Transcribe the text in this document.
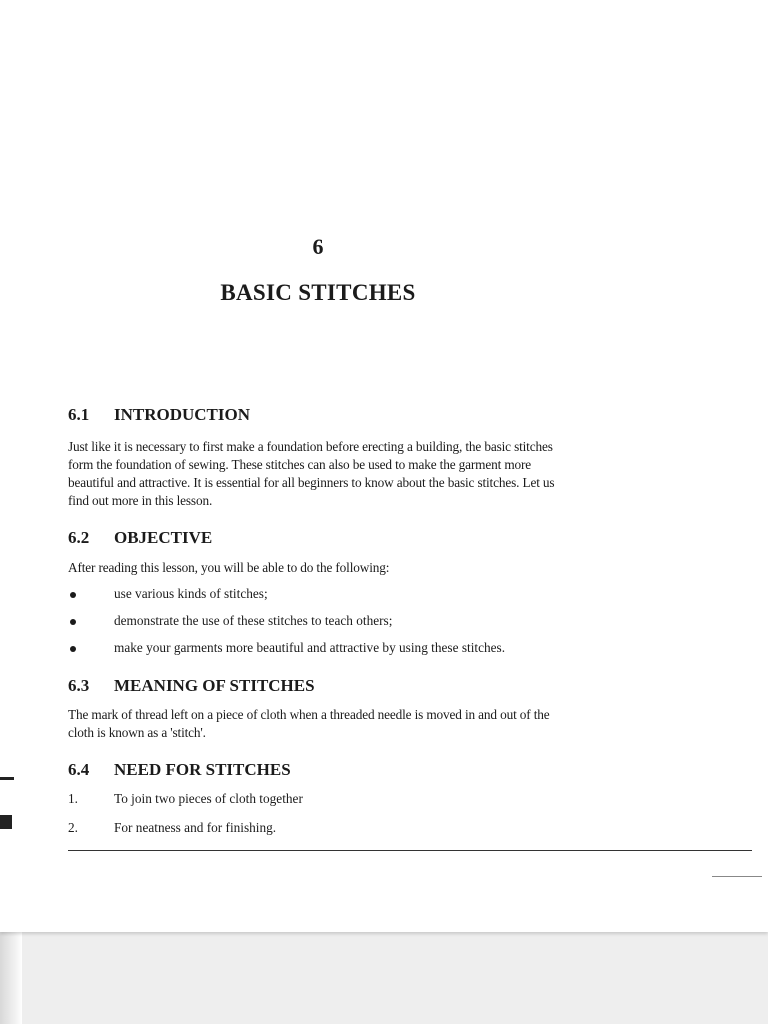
6
BASIC STITCHES
6.1 INTRODUCTION
Just like it is necessary to first make a foundation before erecting a building, the basic stitches form the foundation of sewing. These stitches can also be used to make the garment more beautiful and attractive. It is essential for all beginners to know about the basic stitches. Let us find out more in this lesson.
6.2 OBJECTIVE
After reading this lesson, you will be able to do the following:
use various kinds of stitches;
demonstrate the use of these stitches to teach others;
make your garments more beautiful and attractive by using these stitches.
6.3 MEANING OF STITCHES
The mark of thread left on a piece of cloth when a threaded needle is moved in and out of the cloth is known as a 'stitch'.
6.4 NEED FOR STITCHES
1.	To join two pieces of cloth together
2.	For neatness and for finishing.
